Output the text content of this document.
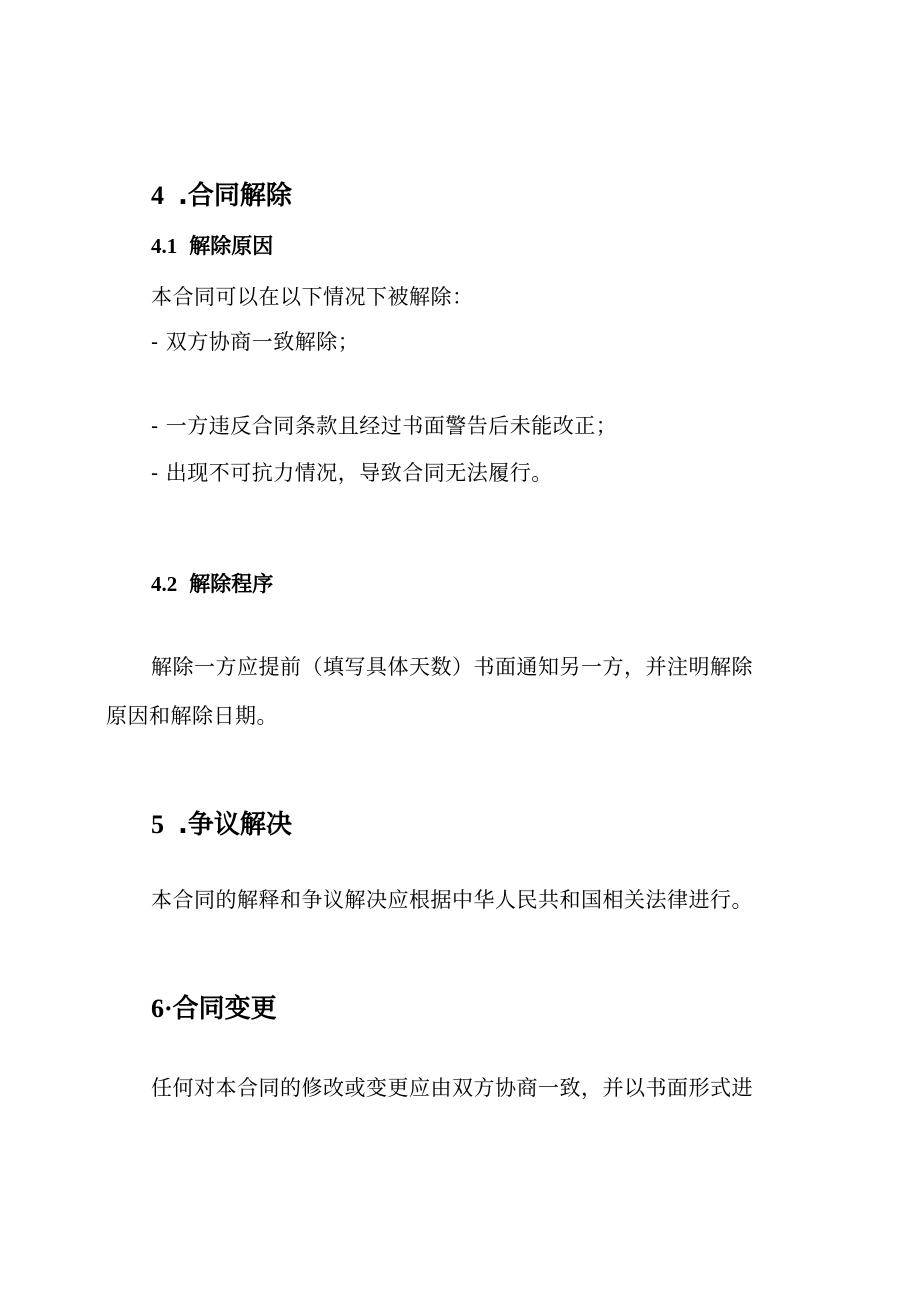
4 .合同解除
4.1 解除原因

本合同可以在以下情况下被解除：

- 双方协商一致解除；

- 一方违反合同条款且经过书面警告后未能改正；

- 出现不可抗力情况，导致合同无法履行。

4.2 解除程序

解除一方应提前（填写具体天数）书面通知另一方，并注明解除

原因和解除日期。

5 .争议解决

本合同的解释和争议解决应根据中华人民共和国相关法律进行。

6·合同变更

任何对本合同的修改或变更应由双方协商一致，并以书面形式进
